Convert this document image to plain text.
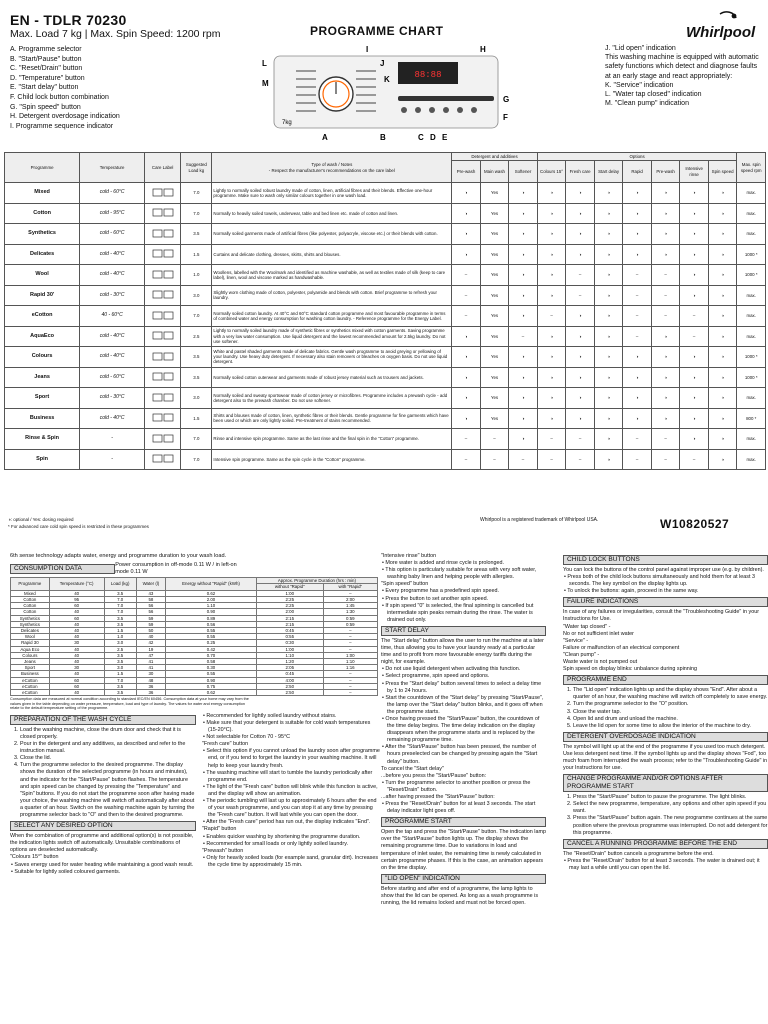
EN - TDLR 70230
Max. Load 7 kg | Max. Spin Speed: 1200 rpm	PROGRAMME CHART	Whirlpool
A. Programme selector
B. "Start/Pause" button
C. "Reset/Drain" button
D. "Temperature" button
E. "Start delay" button
F. Child lock button combination
G. "Spin speed" button
H. Detergent overdosage indication
I. Programme sequence indicator
88:88
7kg
H
I
J
K
L
M
G
F
A	B	C D E

J. "Lid open" indication

This washing machine is equipped with automatic safety functions which detect and diagnose faults at an early stage and react appropriately:

K. "Service" indication

L. "Water tap closed" indication

M. "Clean pump" indication

Programme	Temperature	Care Label	Suggested Load kg	Type of wash / Notes
- Respect the manufacturer's recommendations on the care label	Detergent and additives			Options							Max. spin speed rpm
					Pre-wash	Main wash	Softener	Colours 15°	Fresh care	Start delay	Rapid	Pre-wash	Intensive rinse	Spin speed	
Mixed	cold - 60°C		7.0	Lightly to normally soiled robust laundry made of cotton, linen, artificial fibres and their blends. Effective one-hour programme. Make sure to wash only similar colours together in one wash load.	◑	Yes	◑	◑	◑	◑	◑	◑	◑	◑	max.
Cotton	cold - 95°C		7.0	Normally to heavily soiled towels, underwear, table and bed linen etc. made of cotton and linen.	◑	Yes	◑	◑	◑	◑	◑	◑	◑	◑	max.
Synthetics	cold - 60°C		3.5	Normally soiled garments made of artificial fibres (like polyester, polyacryle, viscose etc.) or their blends with cotton.	◑	Yes	◑	◑	◑	◑	◑	◑	◑	◑	max.
Delicates	cold - 40°C		1.5	Curtains and delicate clothing, dresses, skirts, shirts and blouses.	◑	Yes	◑	◑	◑	◑	◑	◑	◑	◑	1000 *
Wool	cold - 40°C		1.0	Woollens, labelled with the Woolmark and identified as machine washable, as well as textiles made of silk (keep to care label), linen, wool and viscose marked as handwashable.	–	Yes	◑	◑	–	◑	–	–	◑	◑	1000 *
Rapid 30'	cold - 30°C		3.0	Slightly worn clothing made of cotton, polyester, polyamide and blends with cotton. Brief programme to refresh your laundry.	–	Yes	◑	◑	–	◑	–	–	◑	◑	max.
eCotton	40 - 60°C		7.0	Normally soiled cotton laundry. At 40°C and 60°C standard cotton programme and most favourable programme in terms of combined water and energy consumption for washing cotton laundry. - Reference programme for the Energy Label.	–	Yes	◑	–	◑	◑	–	–	–	◑	max.
AquaEco	cold - 40°C		2.5	Lightly to normally soiled laundry made of synthetic fibres or synthetics mixed with cotton garments. Saving programme with a very low water consumption. Use liquid detergent and the lowest recommended amount for 2.5kg laundry. Do not use softener.	◑	Yes	–	◑	◑	◑	–	◑	–	◑	max.
Colours	cold - 40°C		3.5	White and pastel shaded garments made of delicate fabrics. Gentle wash programme to avoid greying or yellowing of your laundry. Use heavy duty detergent. If necessary also stain removers or bleaches on oxygen basis. Do not use liquid detergent.	◑	Yes	◑	◑	◑	◑	◑	◑	◑	◑	1000 *
Jeans	cold - 60°C		3.5	Normally soiled cotton outerwear and garments made of robust jersey material such as trousers and jackets.	◑	Yes	◑	◑	◑	◑	◑	◑	◑	◑	1000 *
Sport	cold - 30°C		3.0	Normally soiled and sweaty sportswear made of cotton jersey or microfibres. Programme includes a prewash cycle - add detergent also to the prewash chamber. Do not use softener.	◑	Yes	◑	◑	◑	◑	◑	◑	◑	◑	max.
Business	cold - 40°C		1.5	Shirts and blouses made of cotton, linen, synthetic fibres or their blends. Gentle programme for fine garments which have been used or which are only lightly soiled. Pre-treatment of stains recommended.	◑	Yes	◑	◑	◑	◑	◑	◑	◑	◑	800 *
Rinse & Spin	-		7.0	Rinse and intensive spin programme. Same as the last rinse and the final spin in the "Cotton" programme.	–	–	◑	–	–	◑	–	–	◑	◑	max.
Spin	-		7.0	Intensive spin programme. Same as the spin cycle in the "Cotton" programme.	–	–	–	–	–	◑	–	–	–	◑	max.
◑: optional / Yes: dosing required
* For advanced care cold spin speed is restricted in these programmes
Whirlpool is a registered trademark of Whirlpool USA.	W10820527
6th sense technology adapts water, energy and programme duration to your wash load.
CONSUMPTION DATA	Power consumption in off-mode 0.11 W / in left-on mode 0.11 W
Programme	Temperature (°C)	Load (kg)	Water (l)	Energy without "Rapid" (kWh)	Approx. Programme Duration (hrs : min)	
					without "Rapid"	with "Rapid"
Mixed	40	3.5	43	0.62	1:00	–
Cotton	95	7.0	58	2.00	2:25	2:00
Cotton	60	7.0	56	1.10	2:25	1:45
Cotton	40	7.0	56	0.90	2:00	1:30
Synthetics	60	3.5	59	0.89	2:15	0:59
Synthetics	40	3.5	59	0.56	2:15	0:59
Delicates	40	1.5	50	0.55	0:45	–
Wool	40	1.0	40	0.55	0:55	–
Rapid 30	30	3.0	42	0.25	0:30	–
Aqua Eco	40	2.5	19	0.42	1:00	–
Colours	40	3.5	47	0.70	1:10	1:00
Jeans	40	3.5	41	0.58	1:20	1:10
Sport	30	3.0	41	0.30	2:05	1:16
Business	40	1.5	30	0.55	0:45	–
eCotton	60	7.0	48	0.90	4:00	–
eCotton	60	3.5	36	0.75	2:50	–
eCotton	40	3.5	36	0.62	2:50	–
Consumption data are measured at normal condition according to standard IEC/EN 60456. Consumption data at your home may vary from the values given in the table depending on water pressure, temperature, load and type of laundry. The values for water and energy consumption relate to the default temperature setting of the programme.
PREPARATION OF THE WASH CYCLE
1. Load the washing machine, close the drum door and check that it is closed properly.
2. Pour in the detergent and any additives, as described and refer to the instruction manual.
3. Close the lid.
4. Turn the programme selector to the desired programme. The display shows the duration of the selected programme (in hours and minutes), and the indicator for the "Start/Pause" button flashes. The temperature and spin speed can be changed by pressing the "Temperature" and "Spin" buttons. If you do not start the programme soon after having made your choice, the washing machine will switch off automatically after about a quarter of an hour. Switch on the washing machine again by turning the programme selector back to "O" and then to the desired programme.
SELECT ANY DESIRED OPTION

When the combination of programme and additional option(s) is not possible, the indication lights switch off automatically. Unsuitable combinations of options are deselected automatically.

"Colours 15°" button

• Saves energy used for water heating while maintaining a good wash result.
• Suitable for lightly soiled coloured garments.
• Recommended for lightly soiled laundry without stains.
• Make sure that your detergent is suitable for cold wash temperatures (15-20°C).
• Not selectable for Cotton 70 - 95°C

"Fresh care" button

• Select this option if you cannot unload the laundry soon after programme end, or if you tend to forget the laundry in your washing machine. It will help to keep your laundry fresh.
• The washing machine will start to tumble the laundry periodically after programme end.
• The light of the "Fresh care" button will blink while this function is active, and the display will show an animation.
• The periodic tumbling will last up to approximately 6 hours after the end of your wash programme, and you can stop it at any time by pressing the "Fresh care" button. It will last while you can open the door.
• After the "Fresh care" period has run out, the display indicates "End".

"Rapid" button

• Enables quicker washing by shortening the programme duration.
• Recommended for small loads or only lightly soiled laundry.

"Prewash" button

• Only for heavily soiled loads (for example sand, granular dirt). Increases the cycle time by approximately 15 min.

"Intensive rinse" button

• More water is added and rinse cycle is prolonged.
• This option is particularly suitable for areas with very soft water, washing baby linen and helping people with allergies.

"Spin speed" button

• Every programme has a predefined spin speed.
• Press the button to set another spin speed.
• If spin speed "0" is selected, the final spinning is cancelled but intermediate spin peaks remain during the rinse. The water is drained out only.
START DELAY

The "Start delay" button allows the user to run the machine at a later time, thus allowing you to have your laundry ready at a particular time and to profit from more favourable energy tariffs during the night, for example.

• Do not use liquid detergent when activating this function.
• Select programme, spin speed and options.
• Press the "Start delay" button several times to select a delay time by 1 to 24 hours.
• Start the countdown of the "Start delay" by pressing "Start/Pause", the lamp over the "Start delay" button blinks, and it goes off when the programme starts.
• Once having pressed the "Start/Pause" button, the countdown of the time delay begins. The time delay indication on the display disappears when the programme starts and is replaced by the remaining programme time.
• After the "Start/Pause" button has been pressed, the number of hours preselected can be changed by pressing again the "Start delay" button.

To cancel the "Start delay"

...before you press the "Start/Pause" button:

• Turn the programme selector to another position or press the "Reset/Drain" button.

...after having pressed the "Start/Pause" button:

• Press the "Reset/Drain" button for at least 3 seconds. The start delay indicator light goes off.
PROGRAMME START

Open the tap and press the "Start/Pause" button. The indication lamp over the "Start/Pause" button lights up. The display shows the remaining programme time. Due to variations in load and temperature of inlet water, the remaining time is newly calculated in certain programme phases. If this is the case, an animation appears on the time display.

"LID OPEN" INDICATION

Before starting and after end of a programme, the lamp lights to show that the lid can be opened. As long as a wash programme is running, the lid remains locked and must not be forced open.

CHILD LOCK BUTTONS

You can lock the buttons of the control panel against improper use (e.g. by children).

• Press both of the child lock buttons simultaneously and hold them for at least 3 seconds. The key symbol on the display lights up.
• To unlock the buttons: again, proceed in the same way.
FAILURE INDICATIONS

In case of any failures or irregularities, consult the "Troubleshooting Guide" in your Instructions for Use.

"Water tap closed" -

No or not sufficient inlet water

"Service" -

Failure or malfunction of an electrical component

"Clean pump" -

Waste water is not pumped out

Spin speed on display blinks: unbalance during spinning

PROGRAMME END
1. The "Lid open" indication lights up and the display shows "End". After about a quarter of an hour, the washing machine will switch off completely to save energy.
2. Turn the programme selector to the "O" position.
3. Close the water tap.
4. Open lid and drum and unload the machine.
5. Leave the lid open for some time to allow the interior of the machine to dry.
DETERGENT OVERDOSAGE INDICATION

The symbol will light up at the end of the programme if you used too much detergent. Use less detergent next time. If the symbol lights up and the display shows "Fod", too much foam from interrupted the wash process; refer to the "Troubleshooting Guide" in your Instructions for use.

CHANGE PROGRAMME AND/OR OPTIONS AFTER PROGRAMME START
1. Press the "Start/Pause" button to pause the programme. The light blinks.
2. Select the new programme, temperature, any options and other spin speed if you want.
3. Press the "Start/Pause" button again. The new programme continues at the same position where the previous programme was interrupted. Do not add detergent for this programme.
CANCEL A RUNNING PROGRAMME BEFORE THE END

The "Reset/Drain" button cancels a programme before the end.

• Press the "Reset/Drain" button for at least 3 seconds. The water is drained out; it may last a while until you can open the lid.
